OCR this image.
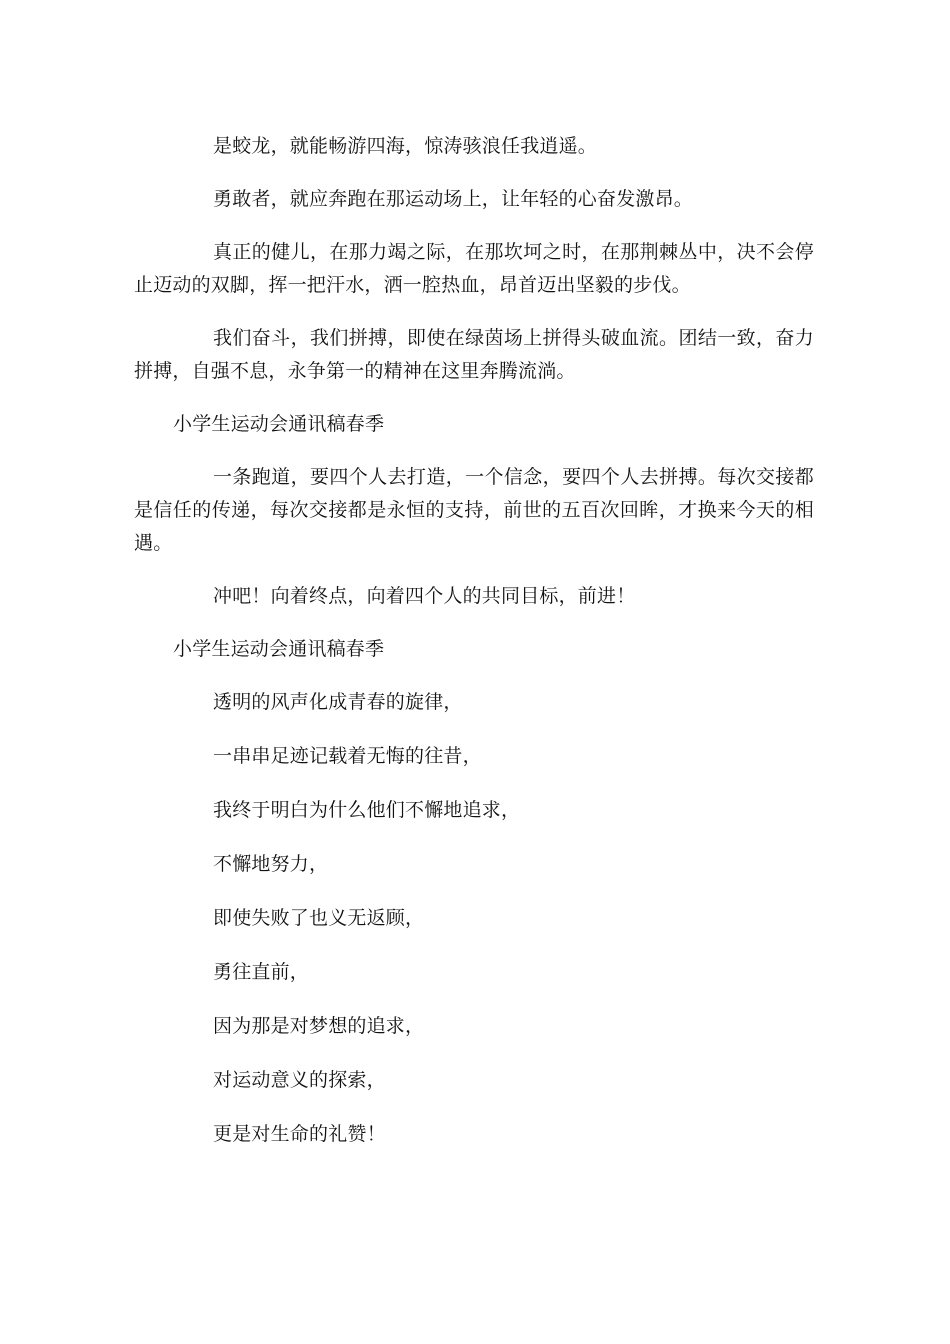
是蛟龙，就能畅游四海，惊涛骇浪任我逍遥。

勇敢者，就应奔跑在那运动场上，让年轻的心奋发激昂。

真正的健儿，在那力竭之际，在那坎坷之时，在那荆棘丛中，决不会停止迈动的双脚，挥一把汗水，洒一腔热血，昂首迈出坚毅的步伐。

我们奋斗，我们拼搏，即使在绿茵场上拼得头破血流。团结一致，奋力拼搏，自强不息，永争第一的精神在这里奔腾流淌。

小学生运动会通讯稿春季

一条跑道，要四个人去打造，一个信念，要四个人去拼搏。每次交接都是信任的传递，每次交接都是永恒的支持，前世的五百次回眸，才换来今天的相遇。

冲吧！向着终点，向着四个人的共同目标，前进！

小学生运动会通讯稿春季

透明的风声化成青春的旋律，

一串串足迹记载着无悔的往昔，

我终于明白为什么他们不懈地追求，

不懈地努力，

即使失败了也义无返顾，

勇往直前，

因为那是对梦想的追求，

对运动意义的探索，

更是对生命的礼赞！
